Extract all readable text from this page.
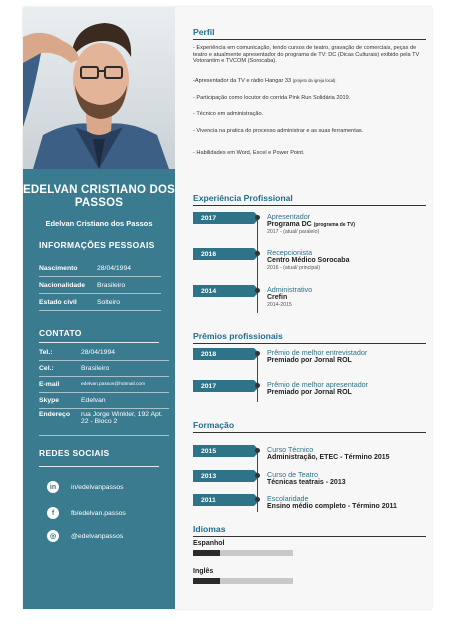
EDELVAN CRISTIANO DOS PASSOS
Edelvan Cristiano dos Passos
INFORMAÇÕES PESSOAIS
Nascimento	28/04/1994
Nacionalidade	Brasileiro
Estado civil	Solteiro
CONTATO
Tel.:	28/04/1994
Cel.:	Brasileiro
E-mail	edelvan.passos@hotmail.com
Skype	Edelvan
Endereço	rua Jorge Winkler, 192 Apt. 22 - Bloco 2
REDES SOCIAIS
in	in/edelvanpassos
f	fb/edelvan.passos
◎	@edelvanpassos
Perfil

- Experiência em comunicação, tendo cursos de teatro, gravação de comerciais, peças de teatro e atualmente apresentador do programa de TV: DC (Dicas Culturais) exibido pela TV Votorantim e TVCOM (Sorocaba).

-Apresentador da TV e rádio Hangar 33 (projeto da igreja local).

- Participação como locutor do corrida Pink Run Solidária 2019.

- Técnico em administração.

- Vivencia na pratica do processo administrar e as suas ferramentas.

- Habilidades em Word, Excel e Power Point.

Experiência Profissional
2017	Apresentador
Programa DC (programa de TV)
2017 - (atual/ paralelo)
2016	Recepcionista
Centro Médico Sorocaba
2016 - (atual/ principal)
2014	Administrativo
Crefin
2014-2015
Prêmios profissionais
2018	Prêmio de melhor entrevistador
Premiado por Jornal ROL
2017	Prêmio de melhor apresentador
Premiado por Jornal ROL
Formação
2015	Curso Técnico
Administração, ETEC - Término 2015
2013	Curso de Teatro
Técnicas teatrais - 2013
2011	Escolaridade
Ensino médio completo - Término 2011
Idiomas
Espanhol
Inglês
